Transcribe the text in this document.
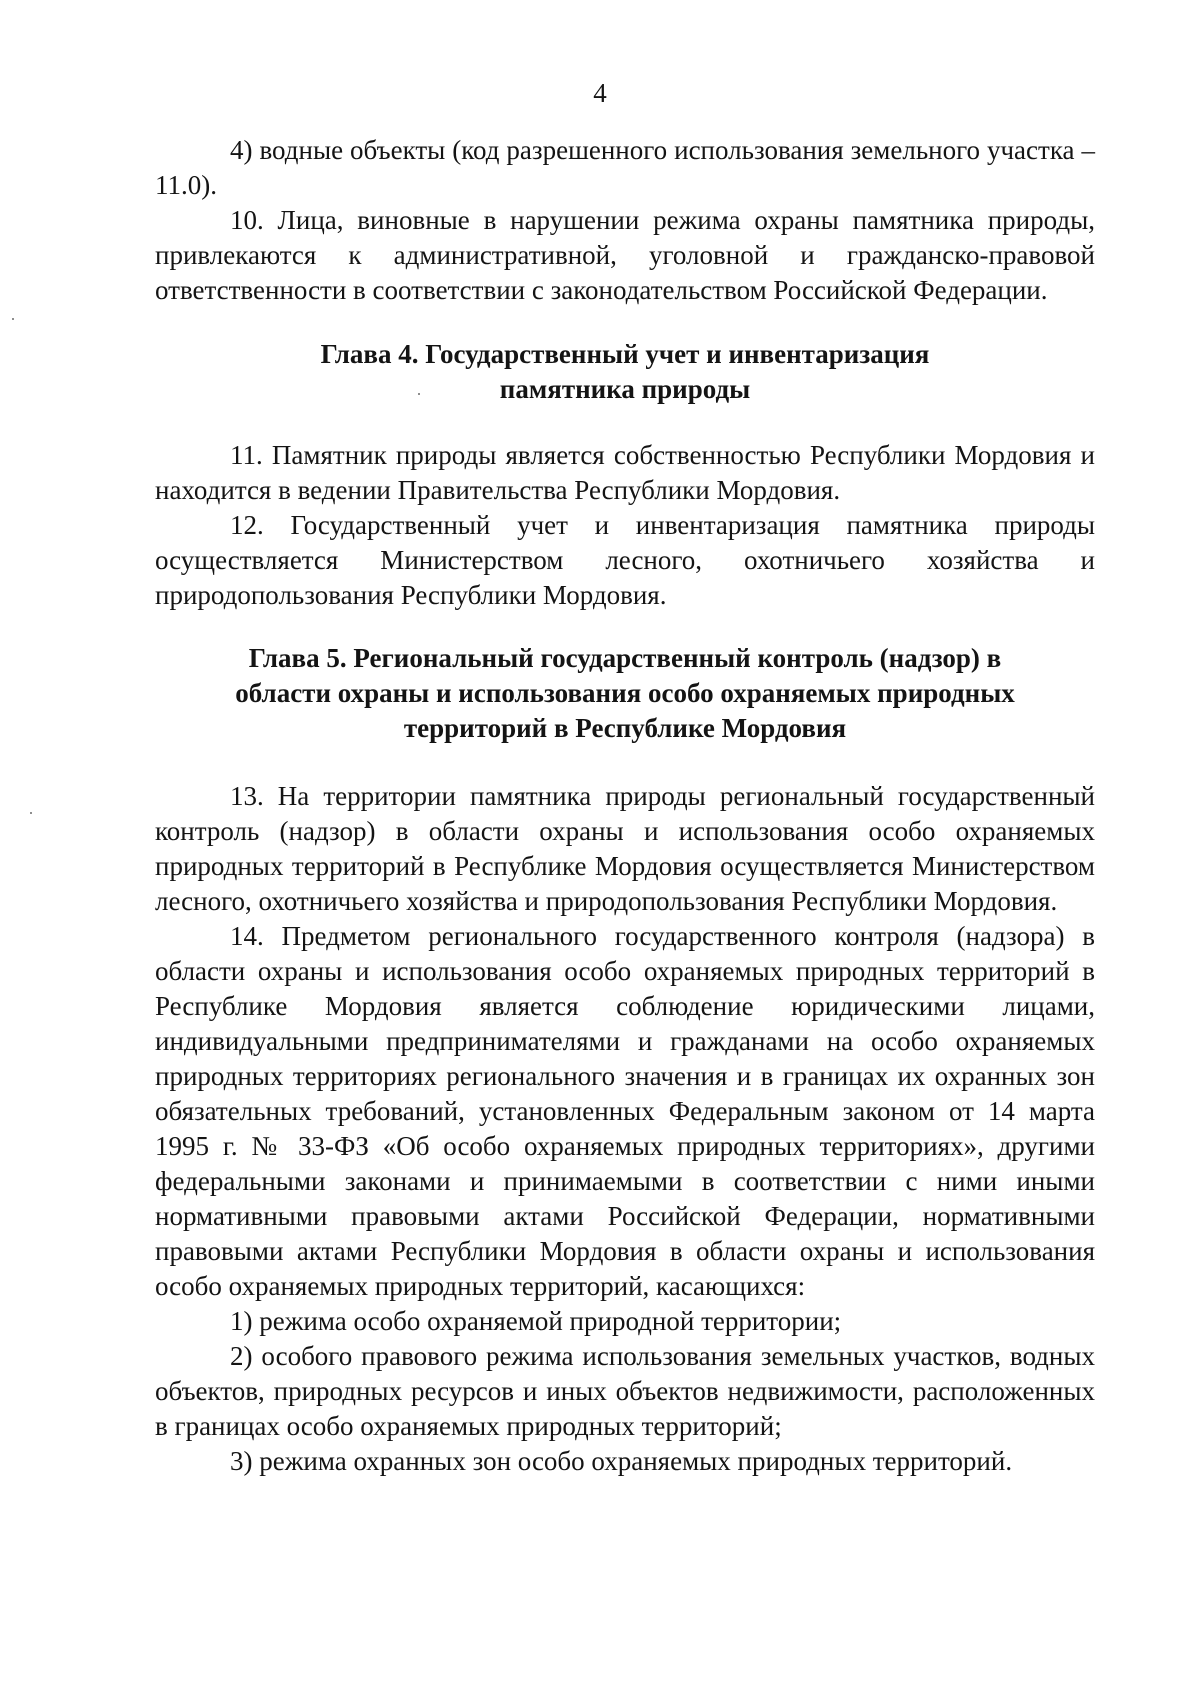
4

4) водные объекты (код разрешенного использования земельного участка – 11.0).

10. Лица, виновные в нарушении режима охраны памятника природы, привлекаются к административной, уголовной и гражданско-правовой ответственности в соответствии с законодательством Российской Федерации.

Глава 4. Государственный учет и инвентаризация
памятника природы

11. Памятник природы является собственностью Республики Мордовия и находится в ведении Правительства Республики Мордовия.

12. Государственный учет и инвентаризация памятника природы осуществляется Министерством лесного, охотничьего хозяйства и природопользования Республики Мордовия.

Глава 5. Региональный государственный контроль (надзор) в
области охраны и использования особо охраняемых природных
территорий в Республике Мордовия

13. На территории памятника природы региональный государственный контроль (надзор) в области охраны и использования особо охраняемых природных территорий в Республике Мордовия осуществляется Министерством лесного, охотничьего хозяйства и природопользования Республики Мордовия.

14. Предметом регионального государственного контроля (надзора) в области охраны и использования особо охраняемых природных территорий в Республике Мордовия является соблюдение юридическими лицами, индивидуальными предпринимателями и гражданами на особо охраняемых природных территориях регионального значения и в границах их охранных зон обязательных требований, установленных Федеральным законом от 14 марта 1995 г. № 33-ФЗ «Об особо охраняемых природных территориях», другими федеральными законами и принимаемыми в соответствии с ними иными нормативными правовыми актами Российской Федерации, нормативными правовыми актами Республики Мордовия в области охраны и использования особо охраняемых природных территорий, касающихся:

1) режима особо охраняемой природной территории;

2) особого правового режима использования земельных участков, водных объектов, природных ресурсов и иных объектов недвижимости, расположенных в границах особо охраняемых природных территорий;

3) режима охранных зон особо охраняемых природных территорий.
